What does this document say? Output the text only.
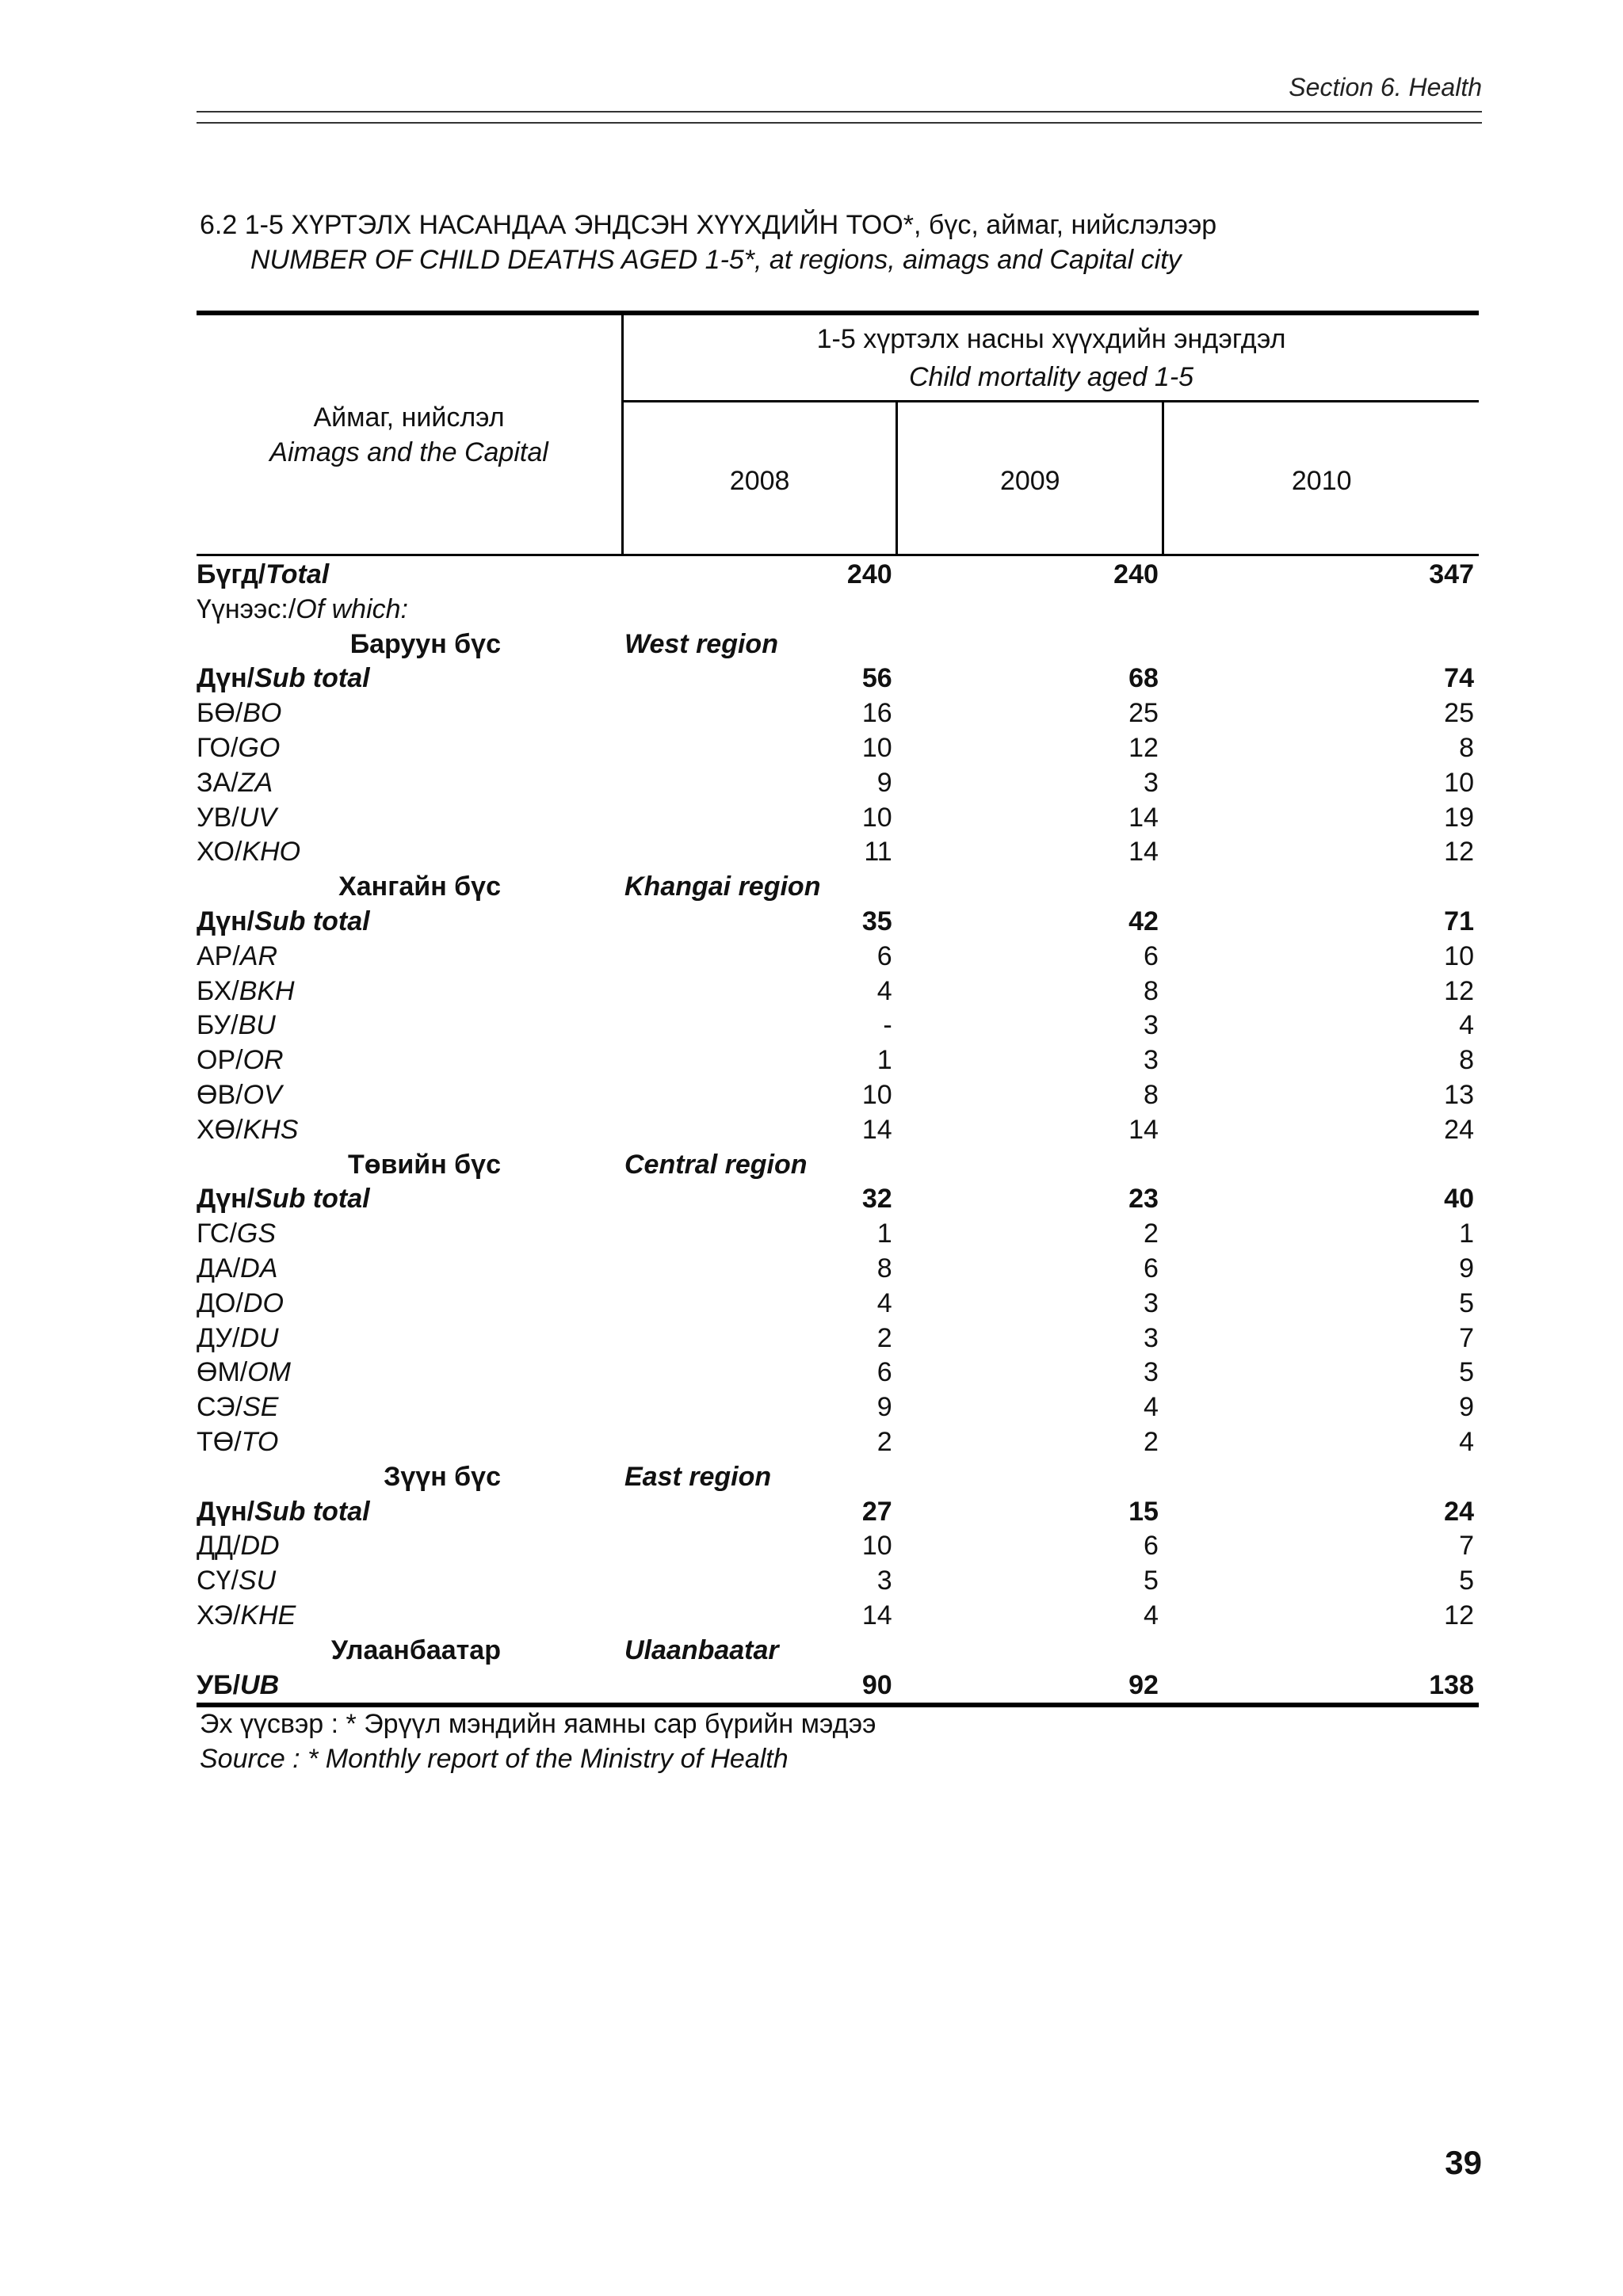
Section 6. Health
6.2 1-5 ХҮРТЭЛХ НАСАНДАА ЭНДСЭН ХҮҮХДИЙН ТОО*, бүс, аймаг, нийслэлээр
NUMBER OF CHILD DEATHS AGED 1-5*, at regions, aimags and Capital city
Аймаг, нийслэл
Aimags and the Capital	1-5 хүртэлх насны хүүхдийн эндэгдэл
Child mortality aged 1-5		
	2008	2009	2010
Бүгд/Total	240	240	347
Үүнээс:/Of which:			
Баруун бүс West region			
Дүн/Sub total	56	68	74
БӨ/BO	16	25	25
ГО/GO	10	12	8
ЗА/ZA	9	3	10
УВ/UV	10	14	19
ХО/KHO	11	14	12
Хангайн бүс Khangai region			
Дүн/Sub total	35	42	71
АР/AR	6	6	10
БХ/BKH	4	8	12
БУ/BU	-	3	4
ОР/OR	1	3	8
ӨВ/OV	10	8	13
ХӨ/KHS	14	14	24
Төвийн бүс Central region			
Дүн/Sub total	32	23	40
ГС/GS	1	2	1
ДА/DA	8	6	9
ДО/DO	4	3	5
ДУ/DU	2	3	7
ӨМ/OM	6	3	5
СЭ/SE	9	4	9
ТӨ/TO	2	2	4
Зүүн бүс East region			
Дүн/Sub total	27	15	24
ДД/DD	10	6	7
СҮ/SU	3	5	5
ХЭ/KHE	14	4	12
Улаанбаатар Ulaanbaatar			
УБ/UB	90	92	138
Эх үүсвэр : * Эрүүл мэндийн яамны сар бүрийн мэдээ
Source : * Monthly report of the Ministry of Health
39
